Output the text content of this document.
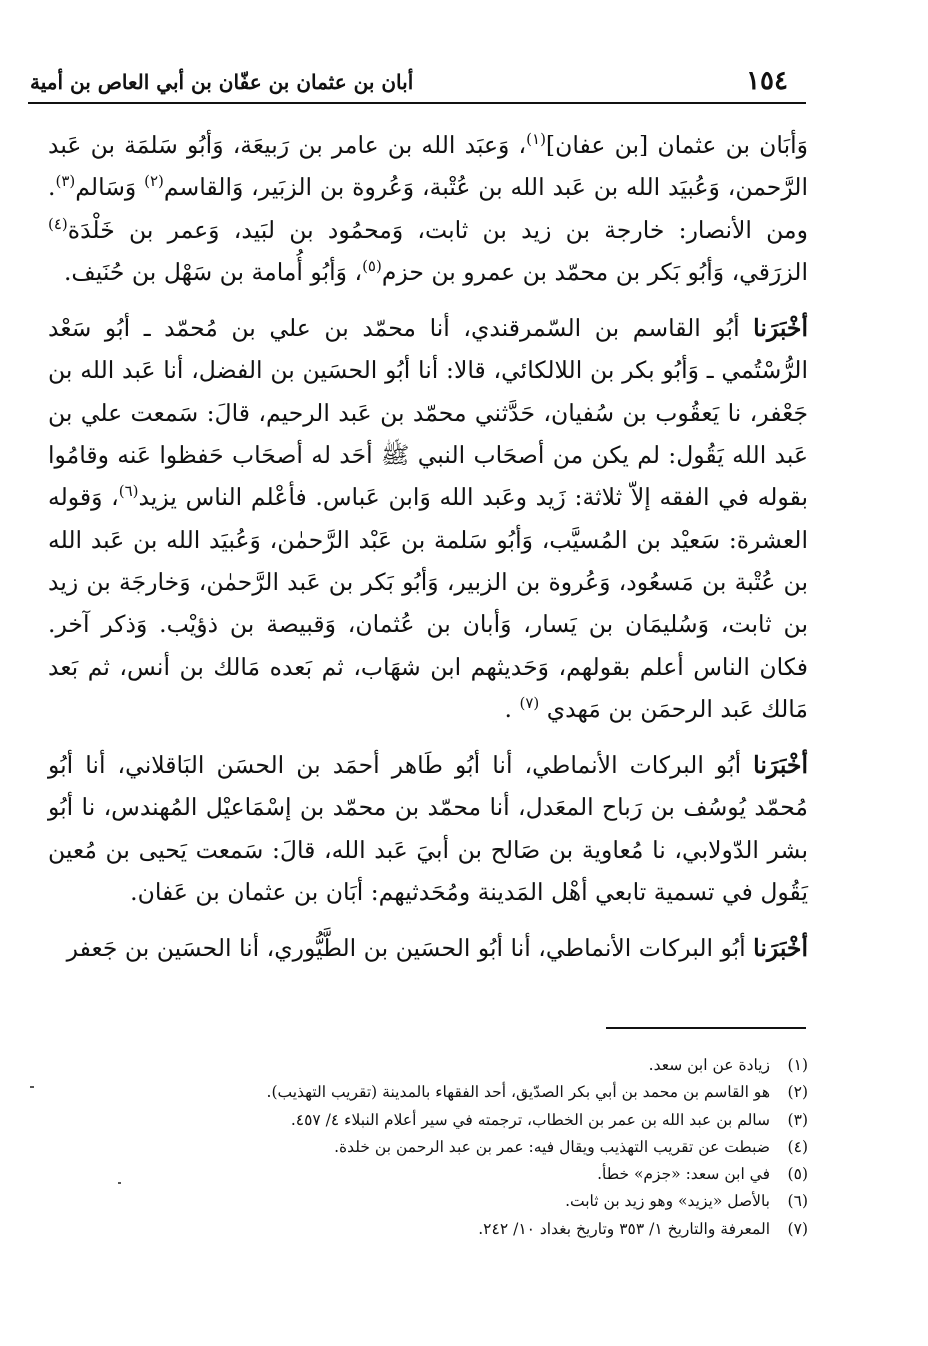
١٥٤
أبان بن عثمان بن عفّان بن أبي العاص بن أمية

وَأبَان بن عثمان [بن عفان]$^{(١)}$، وَعبَد الله بن عامر بن رَبيعَة، وَأبُو سَلمَة بن عَبد الرَّحمن، وَعُبيَد الله بن عَبد الله بن عُتْبة، وَعُروة بن الزبَير، وَالقاسم$^{(٢)}$ وَسَالم$^{(٣)}$. ومن الأنصار: خارجة بن زيد بن ثابت، وَمحمُود بن لبَيد، وَعمر بن خَلْدَة$^{(٤)}$ الزرَقي، وَأبُو بَكر بن محمّد بن عمرو بن حزم$^{(٥)}$، وَأبُو أُمامة بن سَهْل بن حُنَيف.

أخْبَرَنا أبُو القاسم بن السّمرقندي، أنا محمّد بن علي بن مُحمّد ـ أبُو سَعْد الرُّسْتُمي ـ وَأبُو بكر بن اللالكائي، قالا: أنا أبُو الحسَين بن الفضل، أنا عَبد الله بن جَعْفر، نا يَعقُوب بن سُفيان، حَدَّثني محمّد بن عَبد الرحيم، قالَ: سَمعت علي بن عَبد الله يَقُول: لم يكن من أصحَاب النبي ﷺ أحَد له أصحَاب حَفظوا عَنه وقامُوا بقوله في الفقه إلاّ ثلاثة: زَيد وعَبد الله وَابن عَباس. فأعْلم الناس يزيد$^{(٦)}$، وَقوله العشرة: سَعيْد بن المُسيَّب، وَأبُو سَلمة بن عَبْد الرَّحمٰن، وَعُبيَد الله بن عَبد الله بن عُتْبة بن مَسعُود، وَعُروة بن الزبير، وَأبُو بَكر بن عَبد الرَّحمٰن، وَخارجَة بن زيد بن ثابت، وَسُليمَان بن يَسار، وَأبان بن عُثمان، وَقبيصة بن ذؤيْب. وَذكر آخر. فكان الناس أعلم بقولهم، وَحَديثهم ابن شهَاب، ثم بَعده مَالك بن أنس، ثم بَعد مَالك عَبد الرحمَن بن مَهدي $^{(٧)}$ .

أخْبَرَنا أبُو البركات الأنماطي، أنا أبُو طَاهر أحمَد بن الحسَن البَاقلاني، أنا أبُو مُحمّد يُوسُف بن رَباح المعَدل، أنا محمّد بن محمّد بن إسْمَاعيْل المُهندس، نا أبُو بشر الدّولابي، نا مُعاوية بن صَالح بن أبيَ عَبد الله، قالَ: سَمعت يَحيى بن مُعين يَقُول في تسمية تابعي أهْل المَدينة ومُحَدثيهم: أبَان بن عثمان بن عَفان.

أخْبَرَنا أبُو البركات الأنماطي، أنا أبُو الحسَين بن الطَّيُّوري، أنا الحسَين بن جَعفر

(١)
زيادة عن ابن سعد.
(٢)
هو القاسم بن محمد بن أبي بكر الصدّيق، أحد الفقهاء بالمدينة (تقريب التهذيب).
(٣)
سالم بن عبد الله بن عمر بن الخطاب، ترجمته في سير أعلام النبلاء ٤/ ٤٥٧.
(٤)
ضبطت عن تقريب التهذيب ويقال فيه: عمر بن عبد الرحمن بن خلدة.
(٥)
في ابن سعد: «جزم» خطأ.
(٦)
بالأصل «يزيد» وهو زيد بن ثابت.
(٧)
المعرفة والتاريخ ١/ ٣٥٣ وتاريخ بغداد ١٠/ ٢٤٢.
